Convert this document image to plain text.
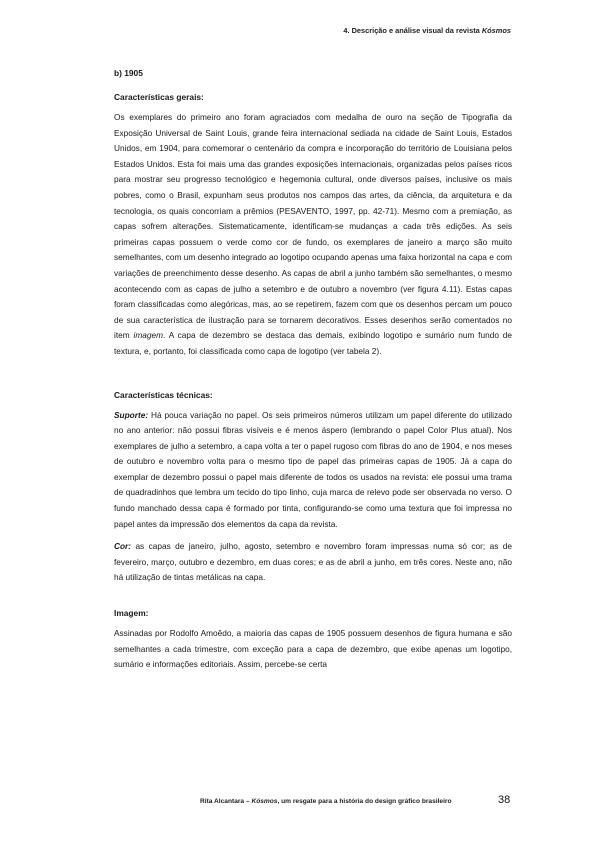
4. Descrição e análise visual da revista Kósmos
b) 1905
Características gerais:

Os exemplares do primeiro ano foram agraciados com medalha de ouro na seção de Tipografia da Exposição Universal de Saint Louis, grande feira internacional sediada na cidade de Saint Louis, Estados Unidos, em 1904, para comemorar o centenário da compra e incorporação do território de Louisiana pelos Estados Unidos. Esta foi mais uma das grandes exposições internacionais, organizadas pelos países ricos para mostrar seu progresso tecnológico e hegemonia cultural, onde diversos países, inclusive os mais pobres, como o Brasil, expunham seus produtos nos campos das artes, da ciência, da arquitetura e da tecnologia, os quais concorriam a prêmios (PESAVENTO, 1997, pp. 42-71). Mesmo com a premiação, as capas sofrem alterações. Sistematicamente, identificam-se mudanças a cada três edições. As seis primeiras capas possuem o verde como cor de fundo, os exemplares de janeiro a março são muito semelhantes, com um desenho integrado ao logotipo ocupando apenas uma faixa horizontal na capa e com variações de preenchimento desse desenho. As capas de abril a junho também são semelhantes, o mesmo acontecendo com as capas de julho a setembro e de outubro a novembro (ver figura 4.11). Estas capas foram classificadas como alegóricas, mas, ao se repetirem, fazem com que os desenhos percam um pouco de sua característica de ilustração para se tornarem decorativos. Esses desenhos serão comentados no item imagem. A capa de dezembro se destaca das demais, exibindo logotipo e sumário num fundo de textura, e, portanto, foi classificada como capa de logotipo (ver tabela 2).

Características técnicas:

Suporte: Há pouca variação no papel. Os seis primeiros números utilizam um papel diferente do utilizado no ano anterior: não possui fibras visíveis e é menos áspero (lembrando o papel Color Plus atual). Nos exemplares de julho a setembro, a capa volta a ter o papel rugoso com fibras do ano de 1904, e nos meses de outubro e novembro volta para o mesmo tipo de papel das primeiras capas de 1905. Já a capa do exemplar de dezembro possui o papel mais diferente de todos os usados na revista: ele possui uma trama de quadradinhos que lembra um tecido do tipo linho, cuja marca de relevo pode ser observada no verso. O fundo manchado dessa capa é formado por tinta, configurando-se como uma textura que foi impressa no papel antes da impressão dos elementos da capa da revista.

Cor: as capas de janeiro, julho, agosto, setembro e novembro foram impressas numa só cor; as de fevereiro, março, outubro e dezembro, em duas cores; e as de abril a junho, em três cores. Neste ano, não há utilização de tintas metálicas na capa.

Imagem:

Assinadas por Rodolfo Amoêdo, a maioria das capas de 1905 possuem desenhos de figura humana e são semelhantes a cada trimestre, com exceção para a capa de dezembro, que exibe apenas um logotipo, sumário e informações editoriais. Assim, percebe-se certa

Rita Alcantara – Kósmos, um resgate para a história do design gráfico brasileiro	38
